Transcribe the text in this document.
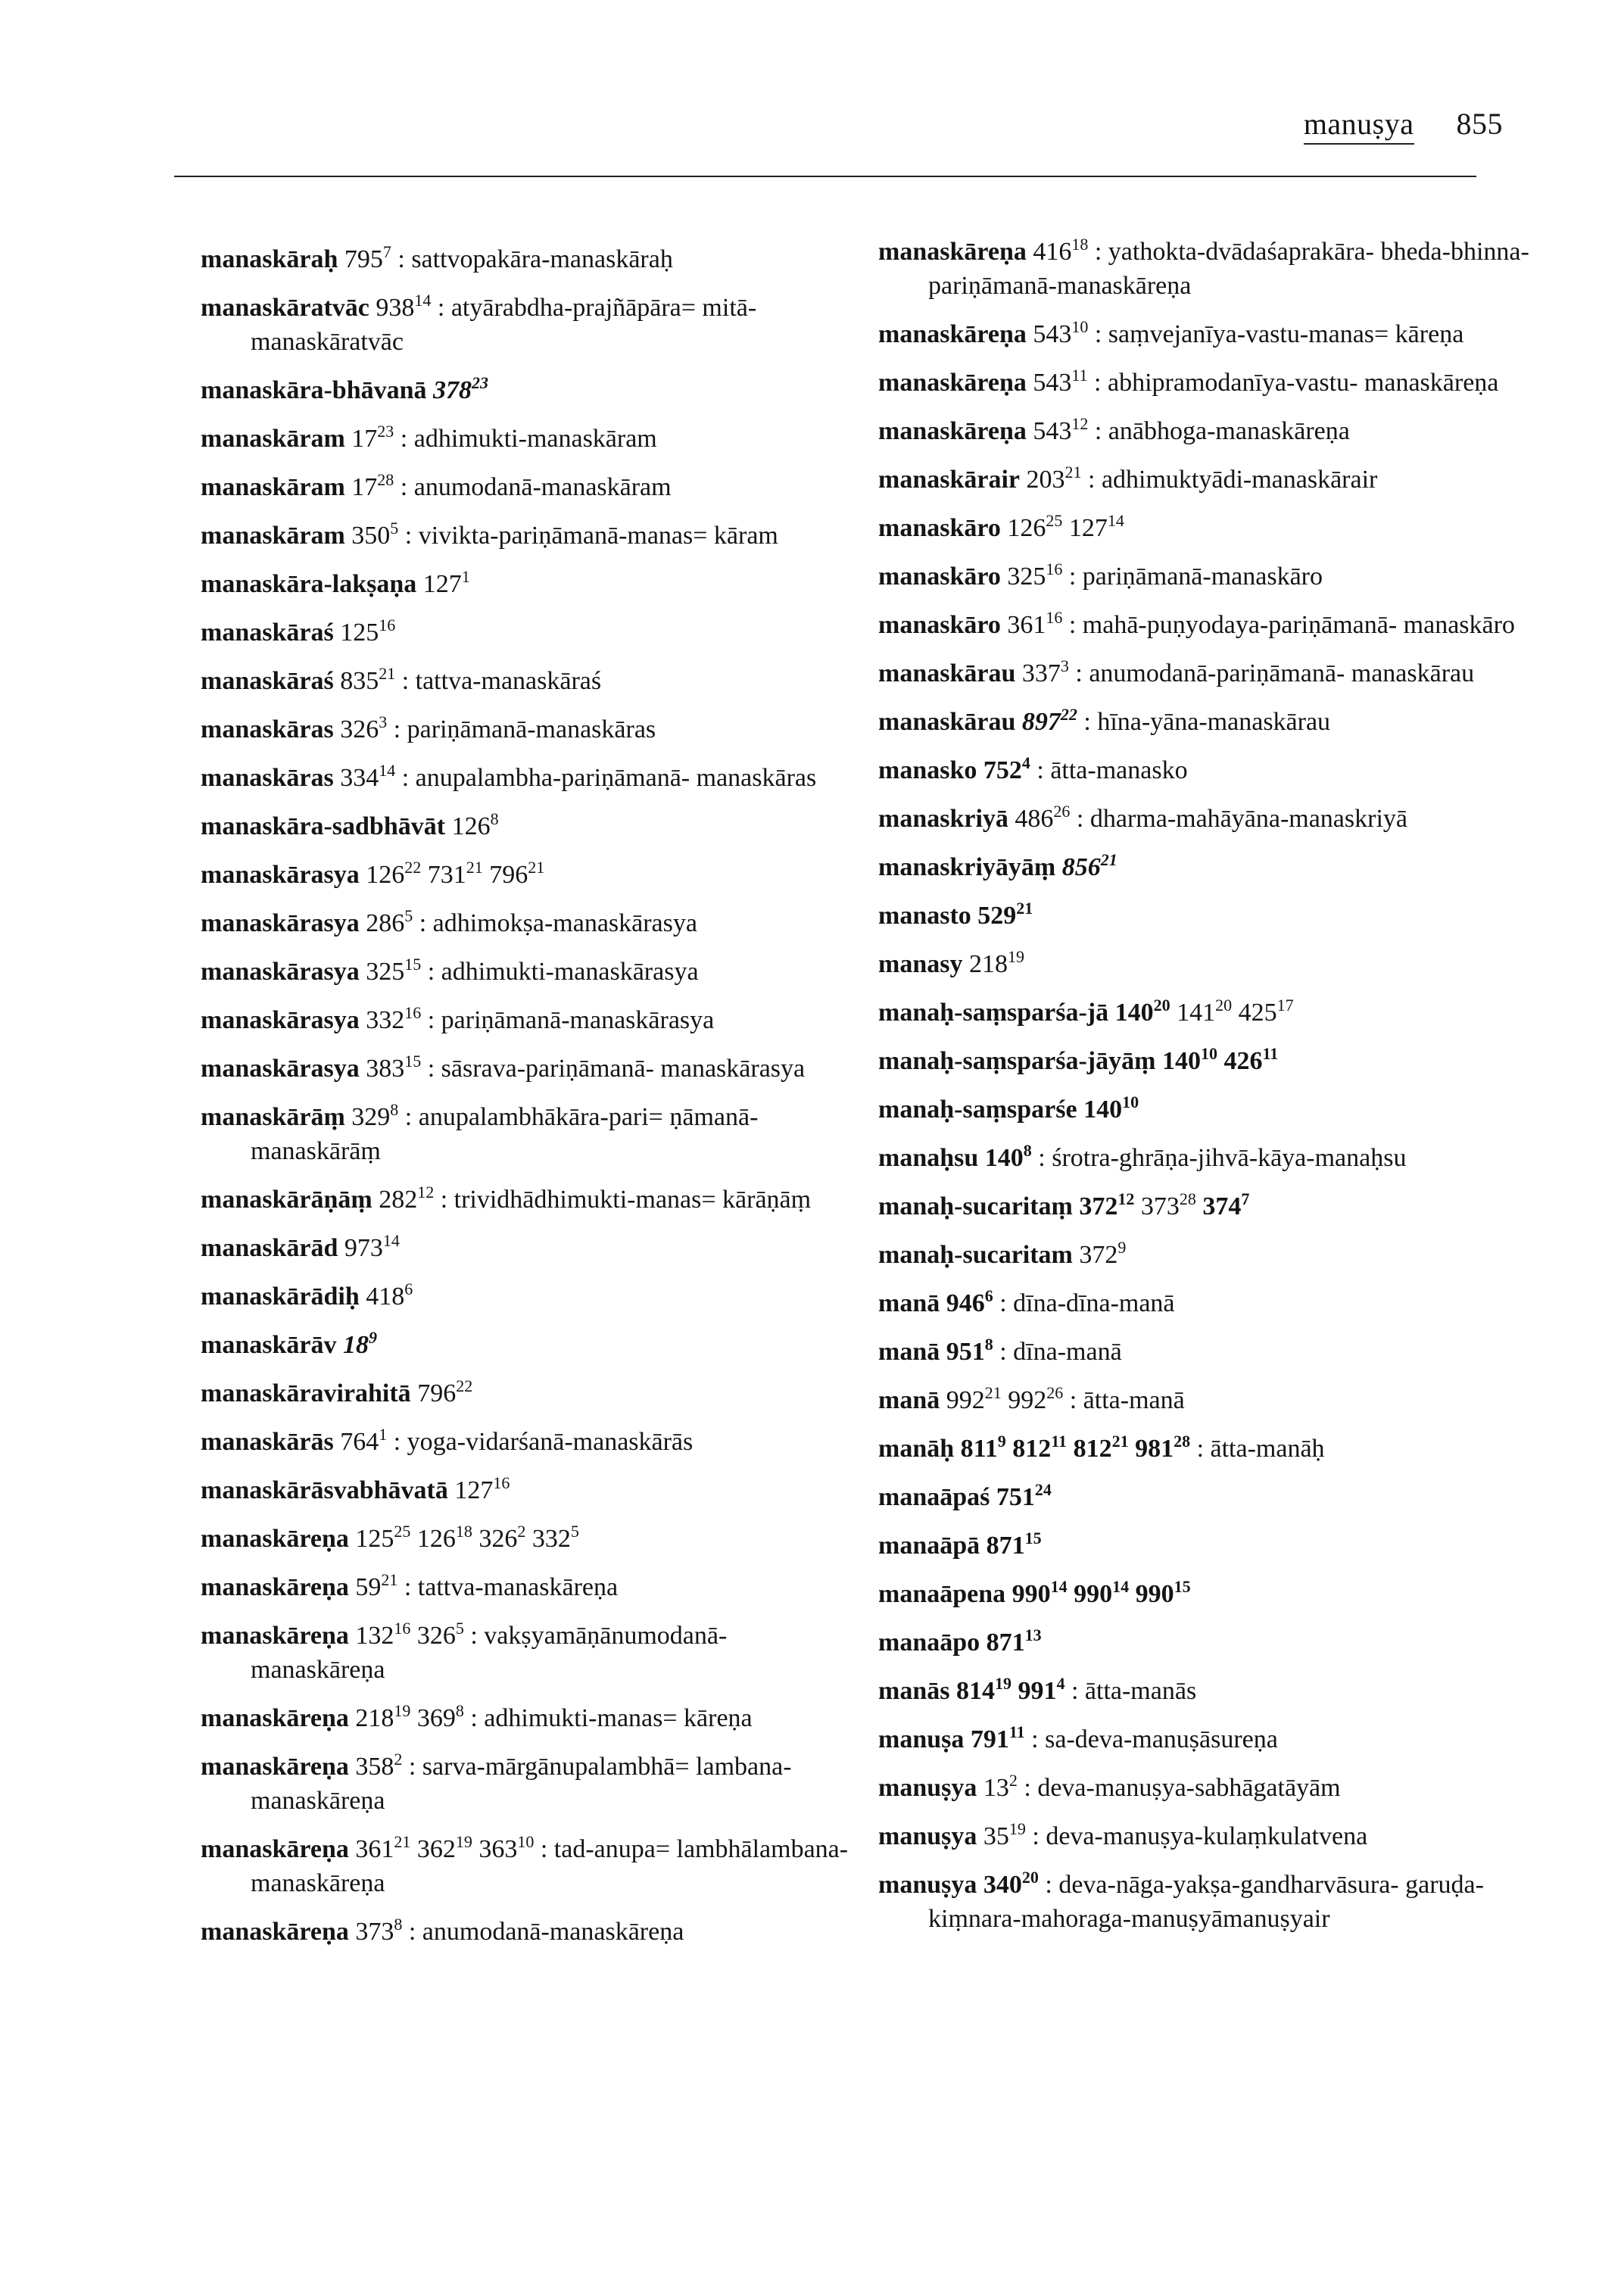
manuṣya 855
manaskāraḥ $795^7$ : sattvopakāra-manaskāraḥ
manaskāratvāc $938^{14}$ : atyārabdha-prajñāpāra= mitā-manaskāratvāc
manaskāra-bhāvanā $378^{23}$
manaskāram $17^{23}$ : adhimukti-manaskāram
manaskāram $17^{28}$ : anumodanā-manaskāram
manaskāram $350^5$ : vivikta-pariṇāmanā-manas= kāram
manaskāra-lakṣaṇa $127^1$
manaskāraś $125^{16}$
manaskāraś $835^{21}$ : tattva-manaskāraś
manaskāras $326^3$ : pariṇāmanā-manaskāras
manaskāras $334^{14}$ : anupalambha-pariṇāmanā- manaskāras
manaskāra-sadbhāvāt $126^8$
manaskārasya $126^{22}$ $731^{21}$ $796^{21}$
manaskārasya $286^5$ : adhimokṣa-manaskārasya
manaskārasya $325^{15}$ : adhimukti-manaskārasya
manaskārasya $332^{16}$ : pariṇāmanā-manaskārasya
manaskārasya $383^{15}$ : sāsrava-pariṇāmanā- manaskārasya
manaskārāṃ $329^8$ : anupalambhākāra-pari= ṇāmanā-manaskārāṃ
manaskārāṇāṃ $282^{12}$ : trividhādhimukti-manas= kārāṇāṃ
manaskārād $973^{14}$
manaskārādiḥ $418^6$
manaskārāv $18^9$
manaskāravirahitā $796^{22}$
manaskārās $764^1$ : yoga-vidarśanā-manaskārās
manaskārāsvabhāvatā $127^{16}$
manaskāreṇa $125^{25}$ $126^{18}$ $326^2$ $332^5$
manaskāreṇa $59^{21}$ : tattva-manaskāreṇa
manaskāreṇa $132^{16}$ $326^5$ : vakṣyamāṇānumodanā- manaskāreṇa
manaskāreṇa $218^{19}$ $369^8$ : adhimukti-manas= kāreṇa
manaskāreṇa $358^2$ : sarva-mārgānupalambhā= lambana-manaskāreṇa
manaskāreṇa $361^{21}$ $362^{19}$ $363^{10}$ : tad-anupa= lambhālambana-manaskāreṇa
manaskāreṇa $373^8$ : anumodanā-manaskāreṇa
manaskāreṇa $416^{18}$ : yathokta-dvādaśaprakāra- bheda-bhinna-pariṇāmanā-manaskāreṇa
manaskāreṇa $543^{10}$ : saṃvejanīya-vastu-manas= kāreṇa
manaskāreṇa $543^{11}$ : abhipramodanīya-vastu- manaskāreṇa
manaskāreṇa $543^{12}$ : anābhoga-manaskāreṇa
manaskārair $203^{21}$ : adhimuktyādi-manaskārair
manaskāro $126^{25}$ $127^{14}$
manaskāro $325^{16}$ : pariṇāmanā-manaskāro
manaskāro $361^{16}$ : mahā-puṇyodaya-pariṇāmanā- manaskāro
manaskārau $337^3$ : anumodanā-pariṇāmanā- manaskārau
manaskārau $897^{22}$ : hīna-yāna-manaskārau
manasko $752^4$ : ātta-manasko
manaskriyā $486^{26}$ : dharma-mahāyāna-manaskriyā
manaskriyāyāṃ $856^{21}$
manasto $529^{21}$
manasy $218^{19}$
manaḥ-saṃsparśa-jā $140^{20}$ $141^{20}$ $425^{17}$
manaḥ-saṃsparśa-jāyāṃ $140^{10}$ $426^{11}$
manaḥ-saṃsparśe $140^{10}$
manaḥsu $140^8$ : śrotra-ghrāṇa-jihvā-kāya-manaḥsu
manaḥ-sucaritaṃ $372^{12}$ $373^{28}$ $374^7$
manaḥ-sucaritam $372^9$
manā $946^6$ : dīna-dīna-manā
manā $951^8$ : dīna-manā
manā $992^{21}$ $992^{26}$ : ātta-manā
manāḥ $811^9$ $812^{11}$ $812^{21}$ $981^{28}$ : ātta-manāḥ
manaāpaś $751^{24}$
manaāpā $871^{15}$
manaāpena $990^{14}$ $990^{14}$ $990^{15}$
manaāpo $871^{13}$
manās $814^{19}$ $991^4$ : ātta-manās
manuṣa $791^{11}$ : sa-deva-manuṣāsureṇa
manuṣya $13^2$ : deva-manuṣya-sabhāgatāyām
manuṣya $35^{19}$ : deva-manuṣya-kulaṃkulatvena
manuṣya $340^{20}$ : deva-nāga-yakṣa-gandharvāsura- garuḍa-kiṃnara-mahoraga-manuṣyāmanuṣyair
